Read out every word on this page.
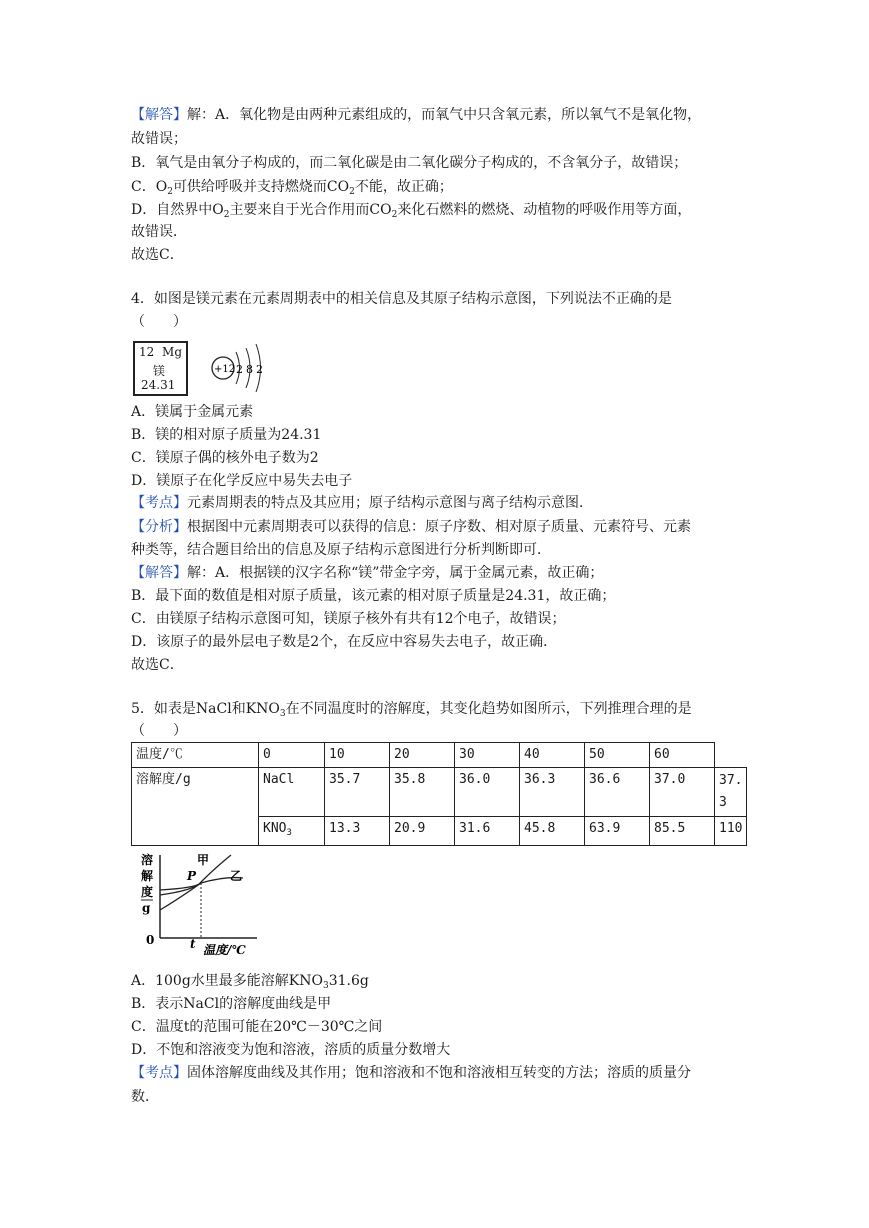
【解答】解：A．氧化物是由两种元素组成的，而氧气中只含氧元素，所以氧气不是氧化物，
故错误；
B．氧气是由氧分子构成的，而二氧化碳是由二氧化碳分子构成的，不含氧分子，故错误；
C．$O_2$可供给呼吸并支持燃烧而$CO_2$不能，故正确；
D．自然界中$O_2$主要来自于光合作用而$CO_2$来化石燃料的燃烧、动植物的呼吸作用等方面，
故错误．
故选C．
4．如图是镁元素在元素周期表中的相关信息及其原子结构示意图，下列说法不正确的是
（　　）
12 Mg
镁
24.31
+12 2 8 2
A．镁属于金属元素
B．镁的相对原子质量为24.31
C．镁原子偶的核外电子数为2
D．镁原子在化学反应中易失去电子
【考点】元素周期表的特点及其应用；原子结构示意图与离子结构示意图．
【分析】根据图中元素周期表可以获得的信息：原子序数、相对原子质量、元素符号、元素
种类等，结合题目给出的信息及原子结构示意图进行分析判断即可．
【解答】解：A．根据镁的汉字名称“镁”带金字旁，属于金属元素，故正确；
B．最下面的数值是相对原子质量，该元素的相对原子质量是24.31，故正确；
C．由镁原子结构示意图可知，镁原子核外有共有12个电子，故错误；
D．该原子的最外层电子数是2个，在反应中容易失去电子，故正确．
故选C．
5．如表是NaCl和$KNO_3$在不同温度时的溶解度，其变化趋势如图所示，下列推理合理的是
（　　）
温度/℃	0	10	20	30	40	50	60	
溶解度/g	NaCl	35.7	35.8	36.0	36.3	36.6	37.0	37.3
	$KNO_3$	13.3	20.9	31.6	45.8	63.9	85.5	110
溶
解
度
g
0
甲
乙
P
t 温度/℃
A．100g水里最多能溶解$KNO_331.6g$
B．表示NaCl的溶解度曲线是甲
C．温度t的范围可能在20℃－30℃之间
D．不饱和溶液变为饱和溶液，溶质的质量分数增大
【考点】固体溶解度曲线及其作用；饱和溶液和不饱和溶液相互转变的方法；溶质的质量分
数．
